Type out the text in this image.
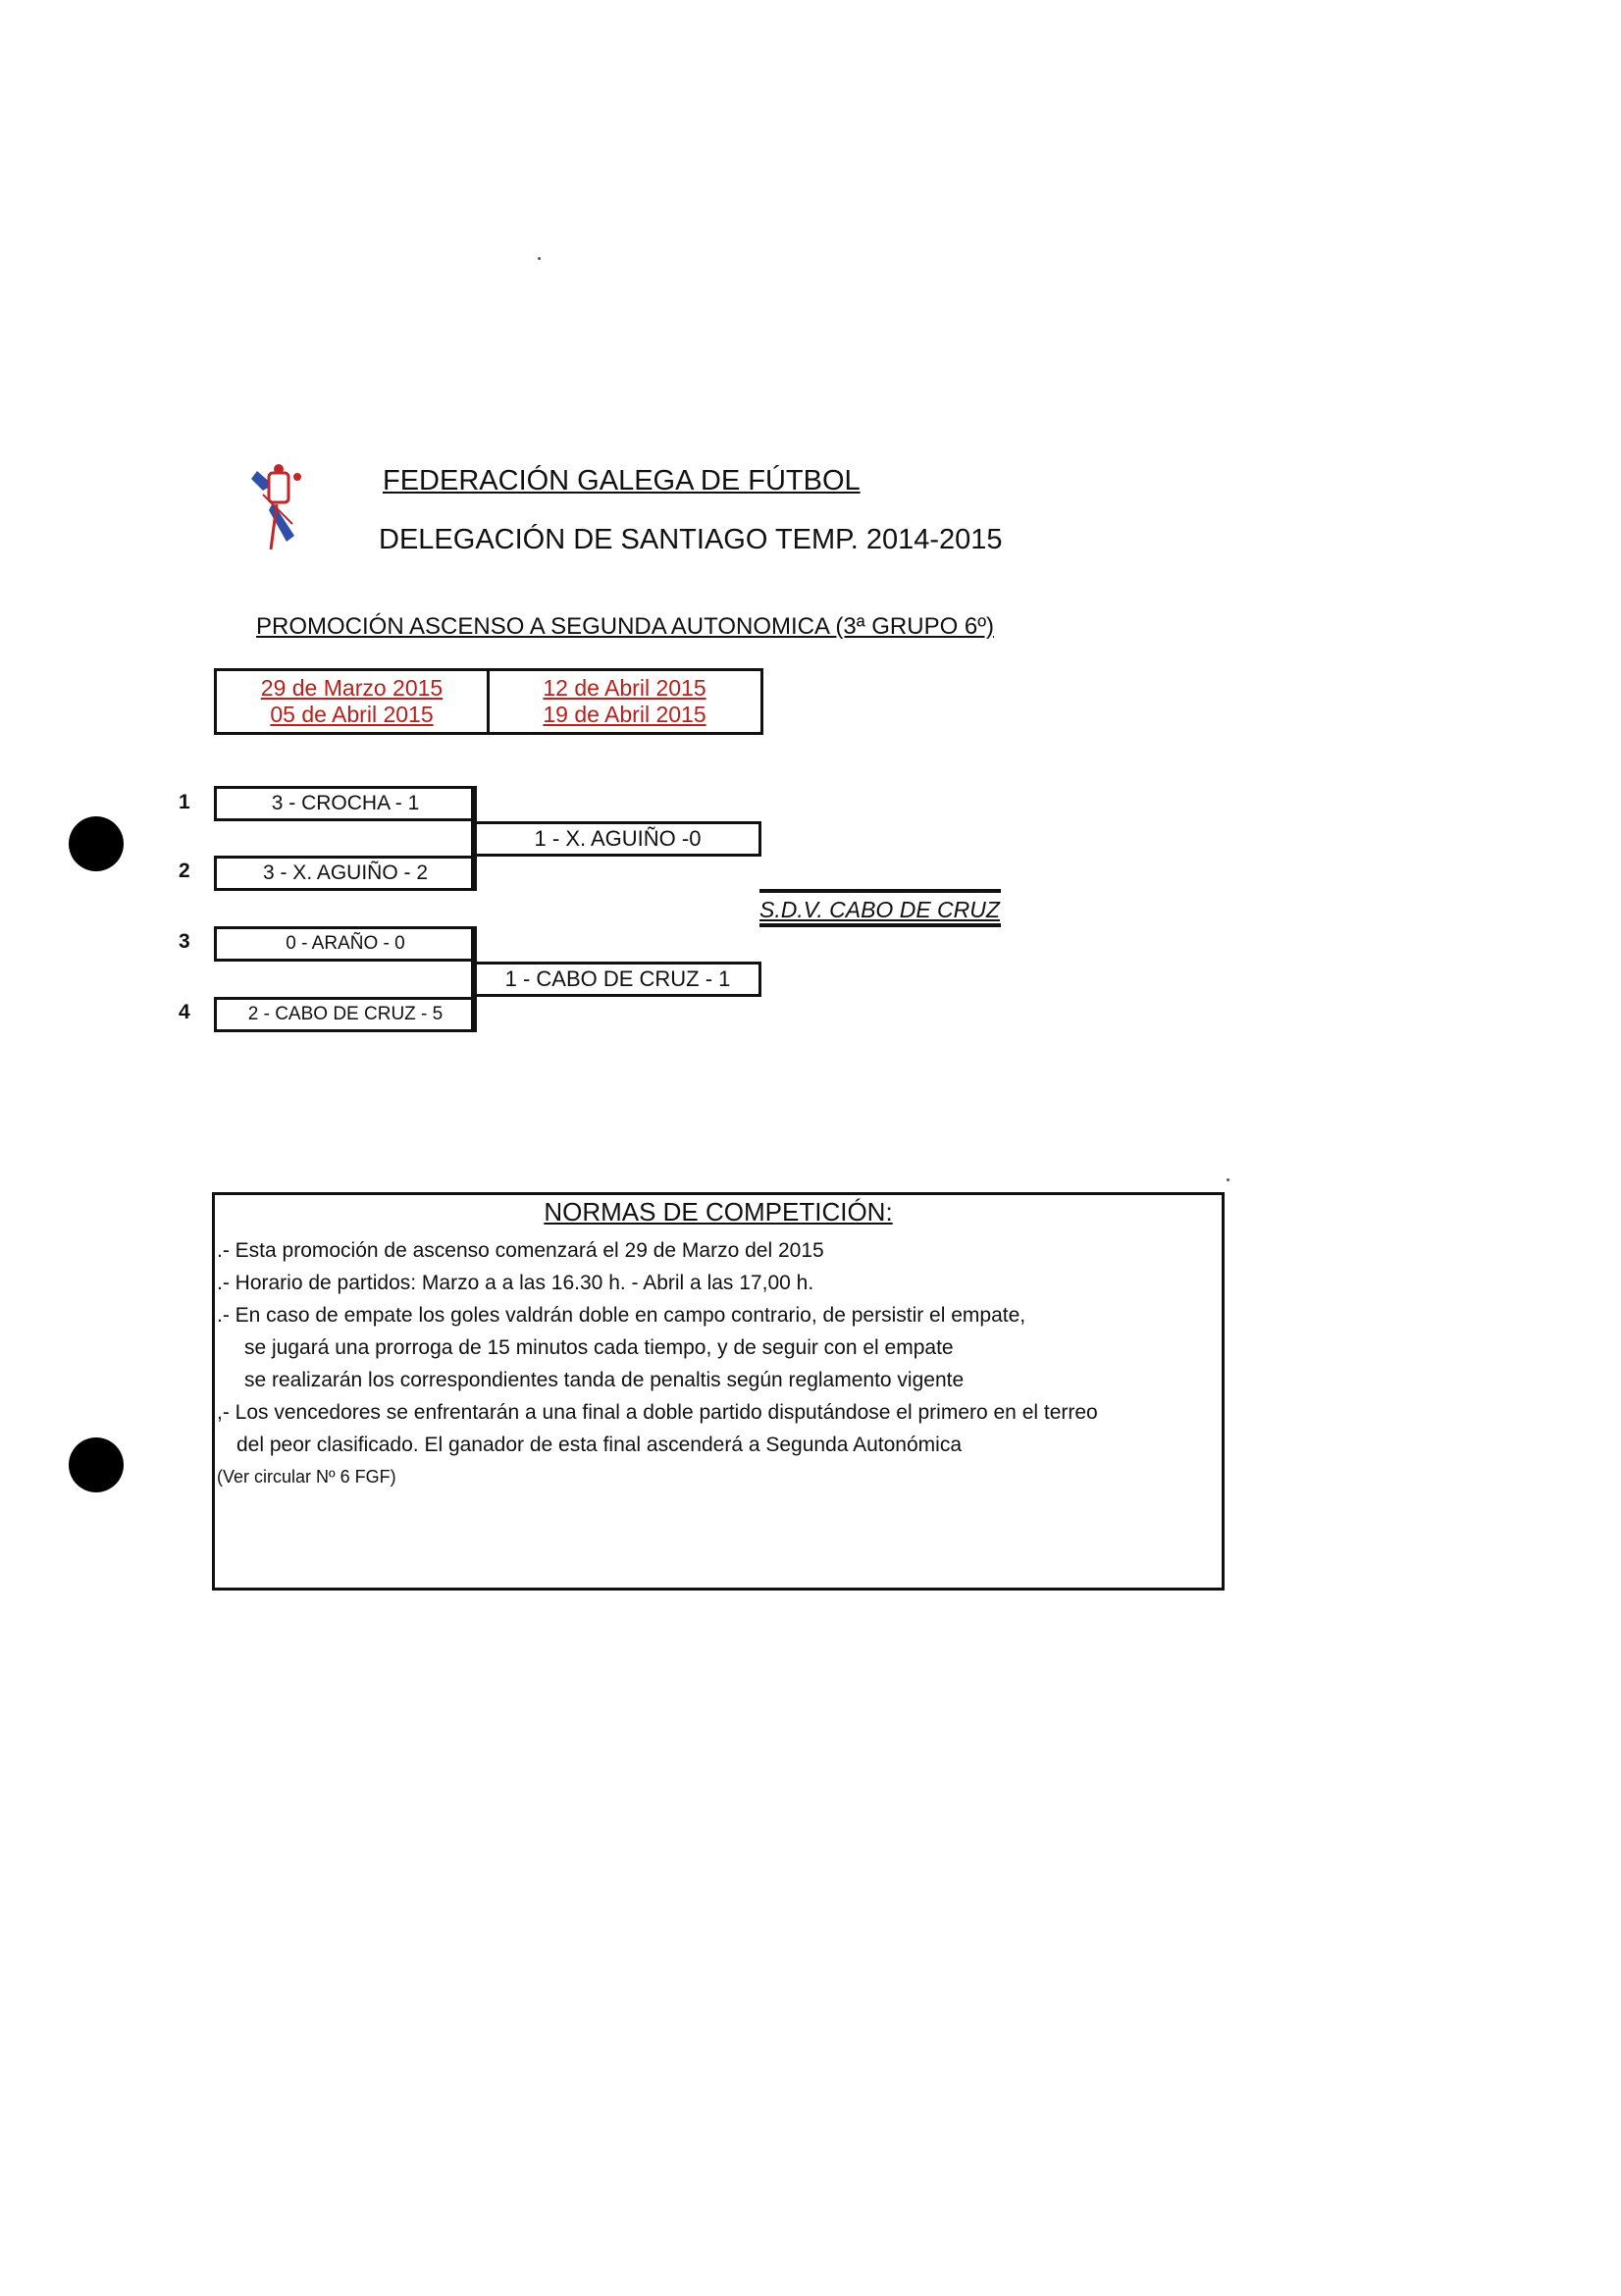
FEDERACIÓN GALEGA DE FÚTBOL
DELEGACIÓN DE SANTIAGO TEMP. 2014-2015
PROMOCIÓN ASCENSO A SEGUNDA AUTONOMICA (3ª GRUPO 6º)
29 de Marzo 2015
05 de Abril 2015
12 de Abril 2015
19 de Abril 2015
1
2
3
4
3 - CROCHA - 1
3 - X. AGUIÑO - 2
0 - ARAÑO - 0
2 - CABO DE CRUZ - 5
1 - X. AGUIÑO -0
1 - CABO DE CRUZ - 1
S.D.V. CABO DE CRUZ
NORMAS DE COMPETICIÓN:
.- Esta promoción de ascenso comenzará el 29 de Marzo del 2015
.- Horario de partidos: Marzo a a las 16.30 h. - Abril a las 17,00 h.
.- En caso de empate los goles valdrán doble en campo contrario, de persistir el empate,
se jugará una prorroga de 15 minutos cada tiempo, y de seguir con el empate
se realizarán los correspondientes tanda de penaltis según reglamento vigente
,- Los vencedores se enfrentarán a una final a doble partido disputándose el primero en el terreo
del peor clasificado. El ganador de esta final ascenderá a Segunda Autonómica
(Ver circular Nº 6 FGF)
